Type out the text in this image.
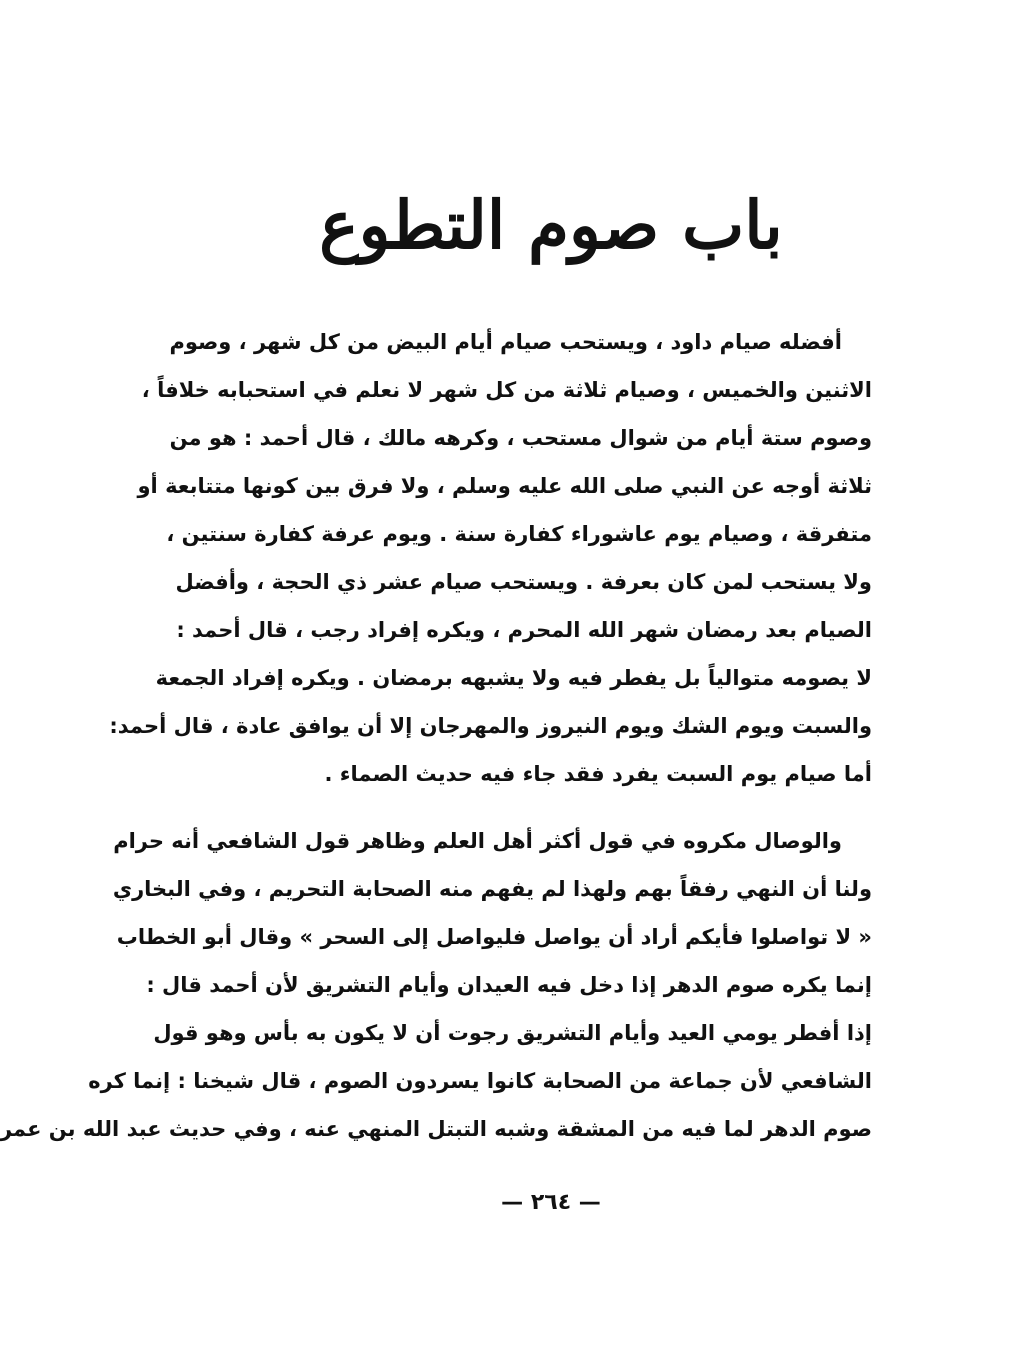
باب صوم التطوع
أفضله صيام داود ، ويستحب صيام أيام البيض من كل شهر ، وصوم
الاثنين والخميس ، وصيام ثلاثة من كل شهر لا نعلم في استحبابه خلافاً ،
وصوم ستة أيام من شوال مستحب ، وكرهه مالك ، قال أحمد : هو من
ثلاثة أوجه عن النبي صلى الله عليه وسلم ، ولا فرق بين كونها متتابعة أو
متفرقة ، وصيام يوم عاشوراء كفارة سنة . ويوم عرفة كفارة سنتين ،
ولا يستحب لمن كان بعرفة . ويستحب صيام عشر ذي الحجة ، وأفضل
الصيام بعد رمضان شهر الله المحرم ، ويكره إفراد رجب ، قال أحمد :
لا يصومه متوالياً بل يفطر فيه ولا يشبهه برمضان . ويكره إفراد الجمعة
والسبت ويوم الشك ويوم النيروز والمهرجان إلا أن يوافق عادة ، قال أحمد:
أما صيام يوم السبت يفرد فقد جاء فيه حديث الصماء .
والوصال مكروه في قول أكثر أهل العلم وظاهر قول الشافعي أنه حرام
ولنا أن النهي رفقاً بهم ولهذا لم يفهم منه الصحابة التحريم ، وفي البخاري
« لا تواصلوا فأيكم أراد أن يواصل فليواصل إلى السحر » وقال أبو الخطاب
إنما يكره صوم الدهر إذا دخل فيه العيدان وأيام التشريق لأن أحمد قال :
إذا أفطر يومي العيد وأيام التشريق رجوت أن لا يكون به بأس وهو قول
الشافعي لأن جماعة من الصحابة كانوا يسردون الصوم ، قال شيخنا : إنما كره
صوم الدهر لما فيه من المشقة وشبه التبتل المنهي عنه ، وفي حديث عبد الله بن عمر
— ٢٦٤ —
